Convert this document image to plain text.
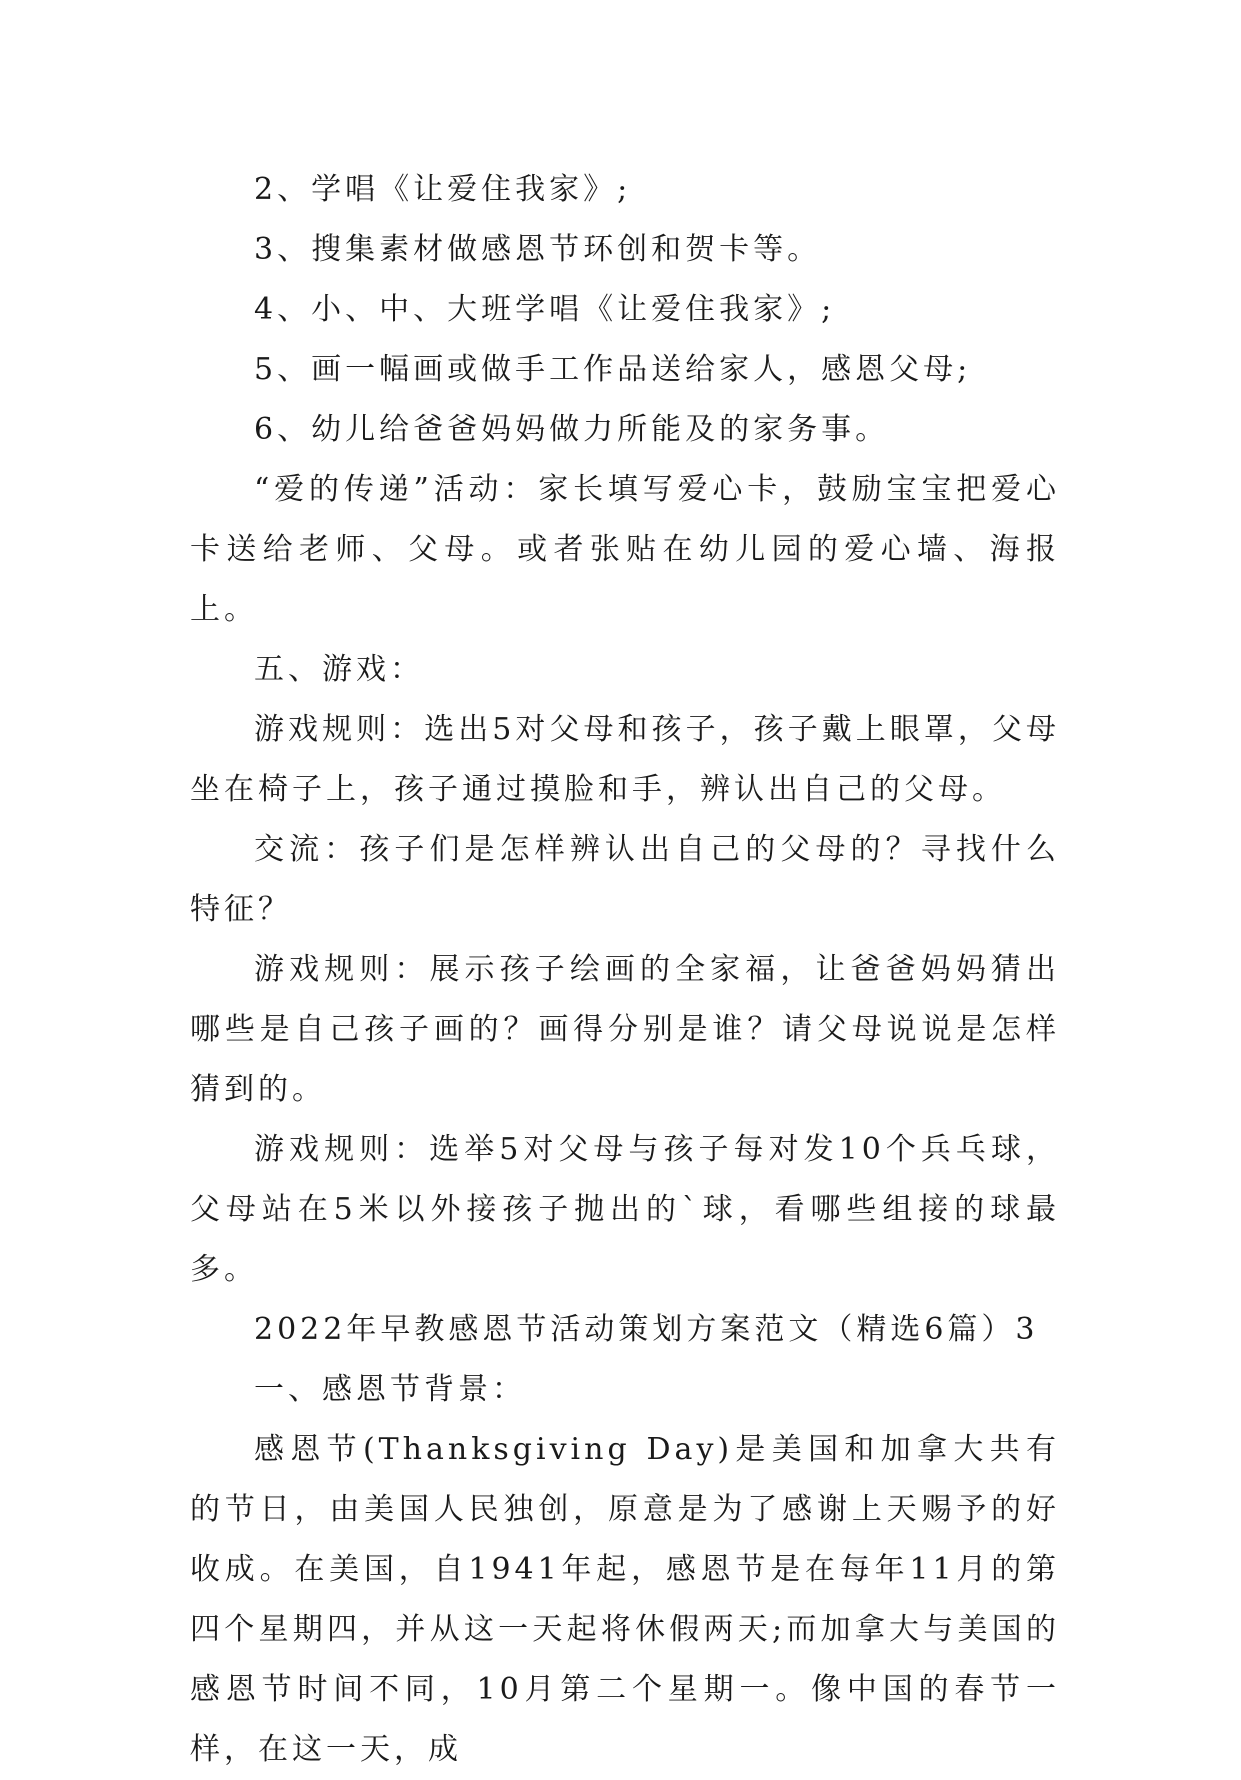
2、学唱《让爱住我家》;

3、搜集素材做感恩节环创和贺卡等。

4、小、中、大班学唱《让爱住我家》;

5、画一幅画或做手工作品送给家人，感恩父母;

6、幼儿给爸爸妈妈做力所能及的家务事。

“爱的传递”活动：家长填写爱心卡，鼓励宝宝把爱心卡送给老师、父母。或者张贴在幼儿园的爱心墙、海报上。

五、游戏：

游戏规则：选出5对父母和孩子，孩子戴上眼罩，父母坐在椅子上，孩子通过摸脸和手，辨认出自己的父母。

交流：孩子们是怎样辨认出自己的父母的？寻找什么特征？

游戏规则：展示孩子绘画的全家福，让爸爸妈妈猜出哪些是自己孩子画的？画得分别是谁？请父母说说是怎样猜到的。

游戏规则：选举5对父母与孩子每对发10个兵乓球，父母站在5米以外接孩子抛出的`球，看哪些组接的球最多。

2022年早教感恩节活动策划方案范文（精选6篇）3

一、感恩节背景：

感恩节(Thanksgiving Day)是美国和加拿大共有的节日，由美国人民独创，原意是为了感谢上天赐予的好收成。在美国，自1941年起，感恩节是在每年11月的第四个星期四，并从这一天起将休假两天;而加拿大与美国的感恩节时间不同，10月第二个星期一。像中国的春节一样，在这一天，成
